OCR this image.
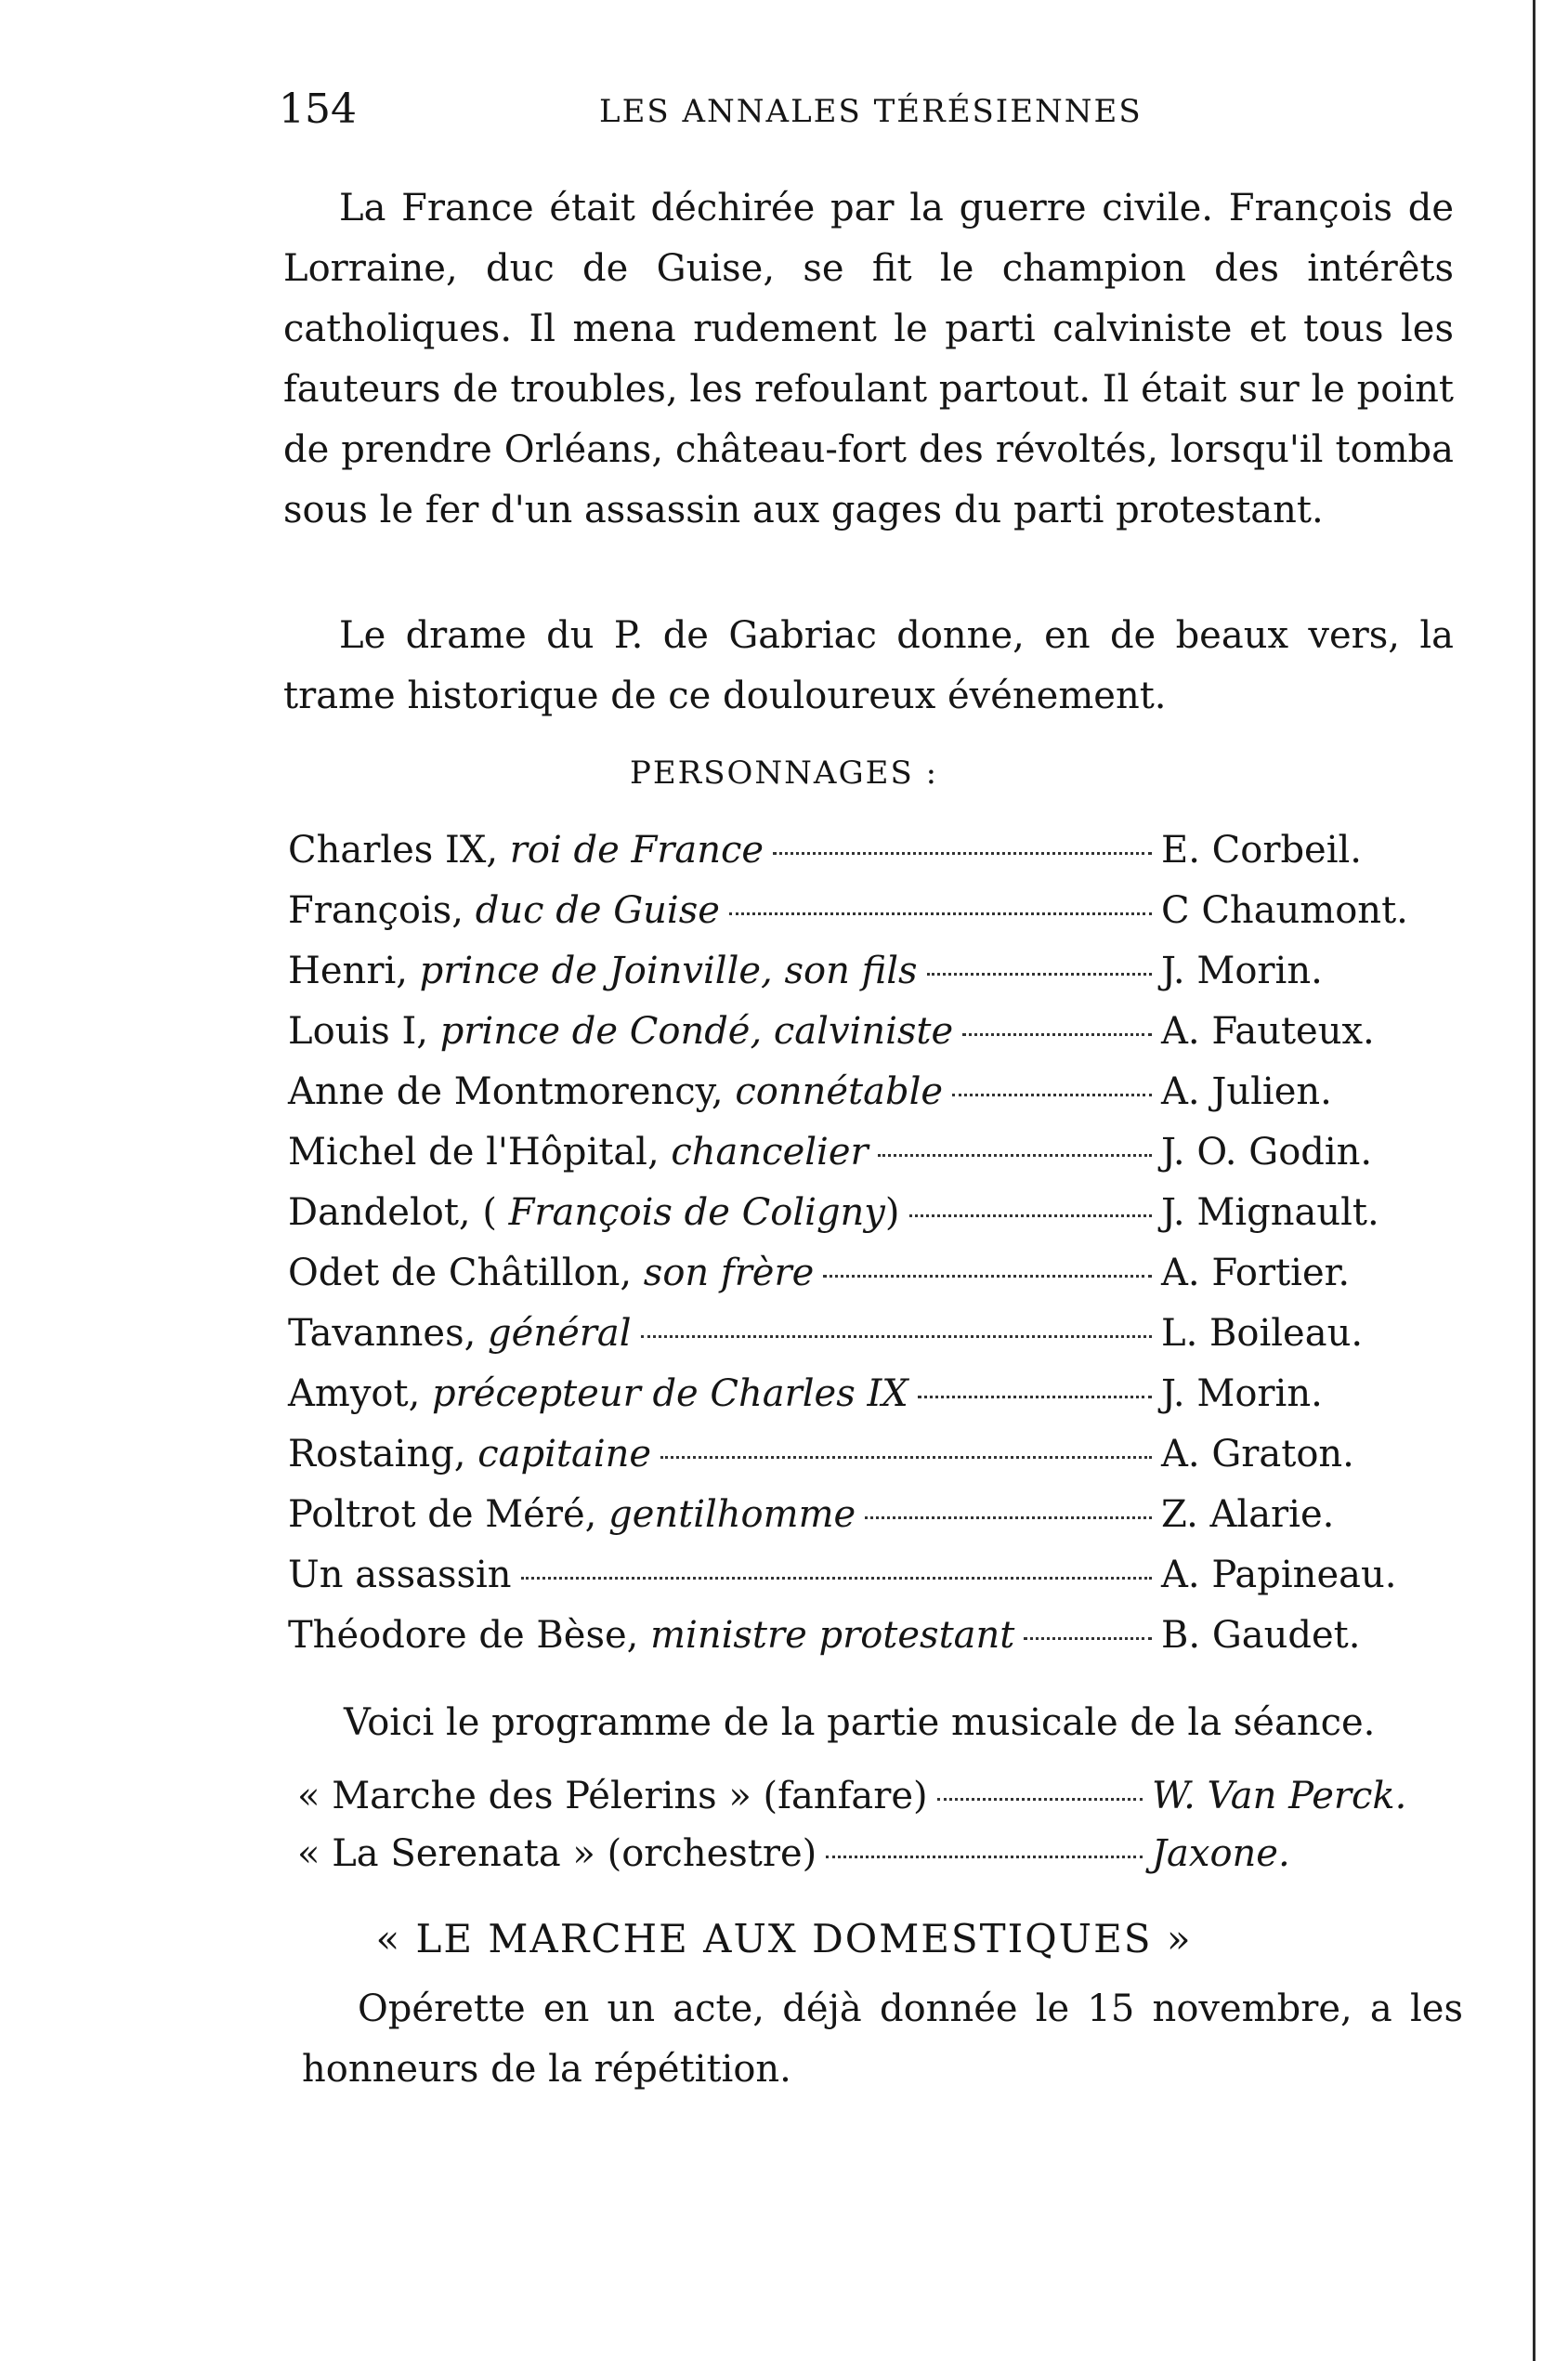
154	LES ANNALES TÉRÉSIENNES

La France était déchirée par la guerre civile. François de Lorraine, duc de Guise, se fit le champion des intérêts catholiques. Il mena rudement le parti calviniste et tous les fauteurs de troubles, les refoulant partout. Il était sur le point de prendre Orléans, château-fort des révoltés, lorsqu'il tomba sous le fer d'un assassin aux gages du parti protestant.

Le drame du P. de Gabriac donne, en de beaux vers, la trame historique de ce douloureux événement.

PERSONNAGES :
Charles IX, roi de France	E. Corbeil.
François, duc de Guise	C Chaumont.
Henri, prince de Joinville, son fils	J. Morin.
Louis I, prince de Condé, calviniste	A. Fauteux.
Anne de Montmorency, connétable	A. Julien.
Michel de l'Hôpital, chancelier	J. O. Godin.
Dandelot, ( François de Coligny)	J. Mignault.
Odet de Châtillon, son frère	A. Fortier.
Tavannes, général	L. Boileau.
Amyot, précepteur de Charles IX	J. Morin.
Rostaing, capitaine	A. Graton.
Poltrot de Méré, gentilhomme	Z. Alarie.
Un assassin	A. Papineau.
Théodore de Bèse, ministre protestant	B. Gaudet.

Voici le programme de la partie musicale de la séance.

« Marche des Pélerins » (fanfare)	W. Van Perck.
« La Serenata » (orchestre)	Jaxone.
« LE MARCHE AUX DOMESTIQUES »

Opérette en un acte, déjà donnée le 15 novembre, a les honneurs de la répétition.
